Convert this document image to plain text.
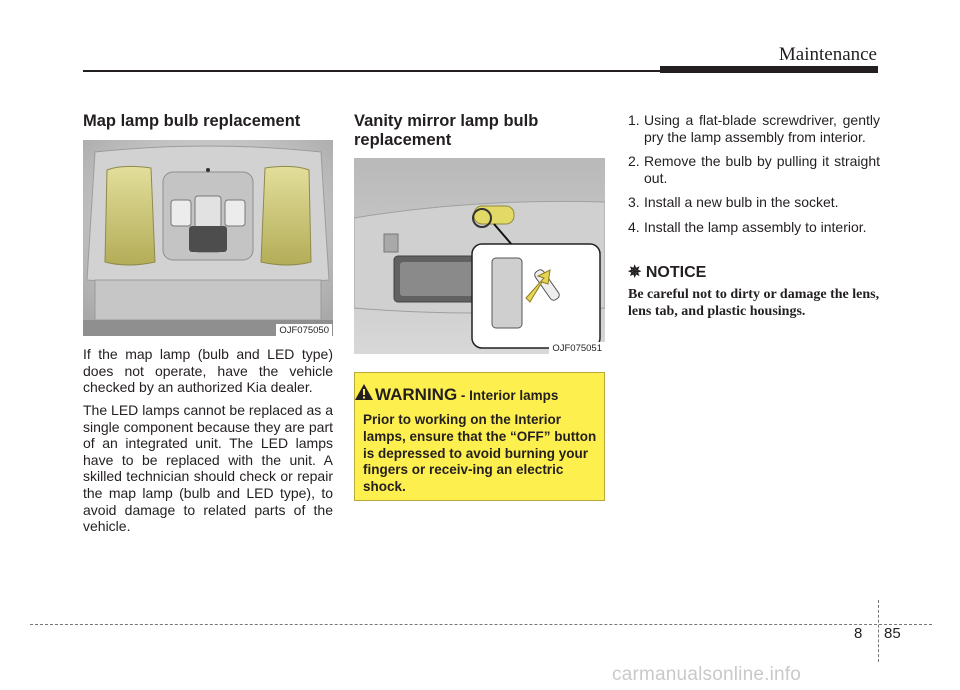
Maintenance
Map lamp bulb replacement
OJF075050

If the map lamp (bulb and LED type) does not operate, have the vehicle checked by an authorized Kia dealer.

The LED lamps cannot be replaced as a single component because they are part of an integrated unit. The LED lamps have to be replaced with the unit. A skilled technician should check or repair the map lamp (bulb and LED type), to avoid damage to related parts of the vehicle.

Vanity mirror lamp bulb
replacement
OJF075051
WARNING - Interior lamps
Prior to working on the Interior lamps, ensure that the “OFF” button is depressed to avoid burning your fingers or receiv-ing an electric shock.
1. Using a flat-blade screwdriver, gently pry the lamp assembly from interior.
2. Remove the bulb by pulling it straight out.
3. Install a new bulb in the socket.
4. Install the lamp assembly to interior.
✵ NOTICE
Be careful not to dirty or damage the lens, lens tab, and plastic housings.
8 85
carmanualsonline.info
